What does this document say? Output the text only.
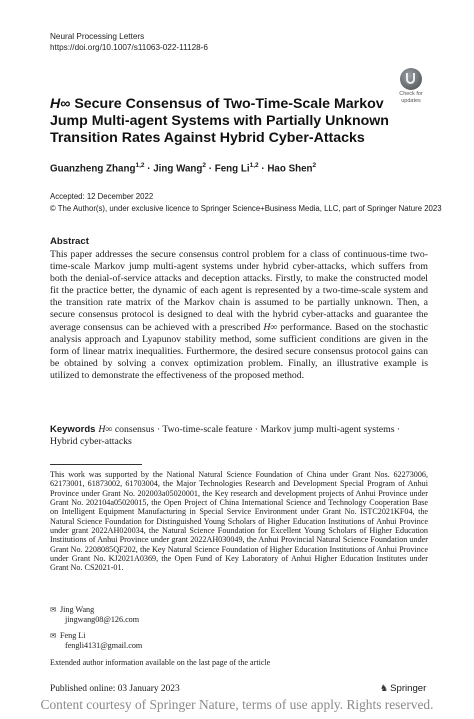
Neural Processing Letters
https://doi.org/10.1007/s11063-022-11128-6
Check for
updates
H∞ Secure Consensus of Two-Time-Scale Markov Jump Multi-agent Systems with Partially Unknown Transition Rates Against Hybrid Cyber-Attacks
Guanzheng Zhang$^{1,2}$ · Jing Wang$^2$ · Feng Li$^{1,2}$ · Hao Shen$^2$
Accepted: 12 December 2022
© The Author(s), under exclusive licence to Springer Science+Business Media, LLC, part of Springer Nature 2023
Abstract
This paper addresses the secure consensus control problem for a class of continuous-time two-time-scale Markov jump multi-agent systems under hybrid cyber-attacks, which suffers from both the denial-of-service attacks and deception attacks. Firstly, to make the constructed model fit the practice better, the dynamic of each agent is represented by a two-time-scale system and the transition rate matrix of the Markov chain is assumed to be partially unknown. Then, a secure consensus protocol is designed to deal with the hybrid cyber-attacks and guarantee the average consensus can be achieved with a prescribed H∞ performance. Based on the stochastic analysis approach and Lyapunov stability method, some sufficient conditions are given in the form of linear matrix inequalities. Furthermore, the desired secure consensus protocol gains can be obtained by solving a convex optimization problem. Finally, an illustrative example is utilized to demonstrate the effectiveness of the proposed method.
Keywords H∞ consensus · Two-time-scale feature · Markov jump multi-agent systems · Hybrid cyber-attacks
This work was supported by the National Natural Science Foundation of China under Grant Nos. 62273006, 62173001, 61873002, 61703004, the Major Technologies Research and Development Special Program of Anhui Province under Grant No. 202003a05020001, the Key research and development projects of Anhui Province under Grant No. 202104a05020015, the Open Project of China International Science and Technology Cooperation Base on Intelligent Equipment Manufacturing in Special Service Environment under Grant No. ISTC2021KF04, the Natural Science Foundation for Distinguished Young Scholars of Higher Education Institutions of Anhui Province under grant 2022AH020034, the Natural Science Foundation for Excellent Young Scholars of Higher Education Institutions of Anhui Province under grant 2022AH030049, the Anhui Provincial Natural Science Foundation under Grant No. 2208085QF202, the Key Natural Science Foundation of Higher Education Institutions of Anhui Province under Grant No. KJ2021A0369, the Open Fund of Key Laboratory of Anhui Higher Education Institutes under Grant No. CS2021-01.
✉ Jing Wang
jingwang08@126.com
✉ Feng Li
fengli4131@gmail.com
Extended author information available on the last page of the article
Published online: 03 January 2023	♞ Springer
Content courtesy of Springer Nature, terms of use apply. Rights reserved.
